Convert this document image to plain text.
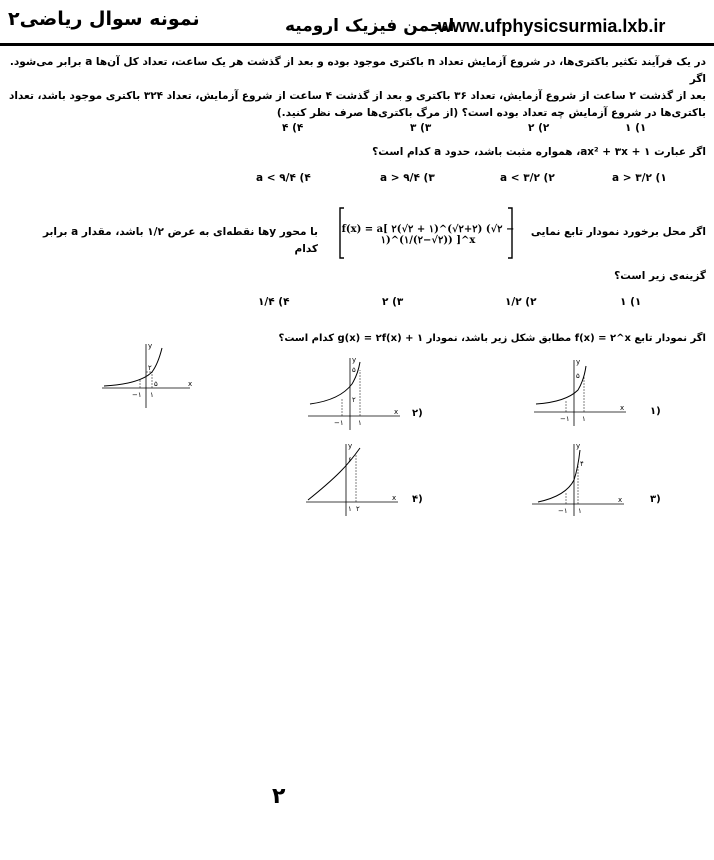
نمونه سوال ریاضی۲	انجمن فیزیک ارومیه
www.ufphysicsurmia.lxb.ir
در یک فرآیند تکثیر باکتری‌ها، در شروع آزمایش تعداد n باکتری موجود بوده و بعد از گذشت هر یک ساعت، تعداد کل آن‌ها a برابر می‌شود. اگر
بعد از گذشت ۲ ساعت از شروع آزمایش، تعداد ۳۶ باکتری و بعد از گذشت ۴ ساعت از شروع آزمایش، تعداد ۳۲۴ باکتری موجود باشد، تعداد
باکتری‌ها در شروع آزمایش چه تعداد بوده است؟ (از مرگ باکتری‌ها صرف نظر کنید.)
۱) ۱
۲) ۲
۳) ۳
۴) ۴
اگر عبارت ax² + ۳x + ۱، همواره مثبت باشد، حدود a کدام است؟
۱) a > ۳/۲
۲) a < ۳/۲
۳) a > ۹/۴
۴) a < ۹/۴
اگر محل برخورد نمودار تابع نمایی
f(x) = a[ ۲(√۲ + ۱)^(√۲+۲) (√۲ − ۱)^(۱/(۲−√۲)) ]^x
با محور yها نقطه‌ای به عرض ۱/۲ باشد، مقدار a برابر کدام
گزینه‌ی زیر است؟
۱) ۱
۲) ۱/۲
۳) ۲
۴) ۱/۴
اگر نمودار تابع f(x) = ۲^x مطابق شکل زیر باشد، نمودار g(x) = ۲f(x) + ۱ کدام است؟
y
x
۲
۵
−۱ ۱
y
x
۵
−۱ ۱
۱)
y
x
۵
۲
−۱ ۱
۲)
y
x
۴
−۱ ۱
۳)
y
x
۶
۱ ۲
۴)
۲
